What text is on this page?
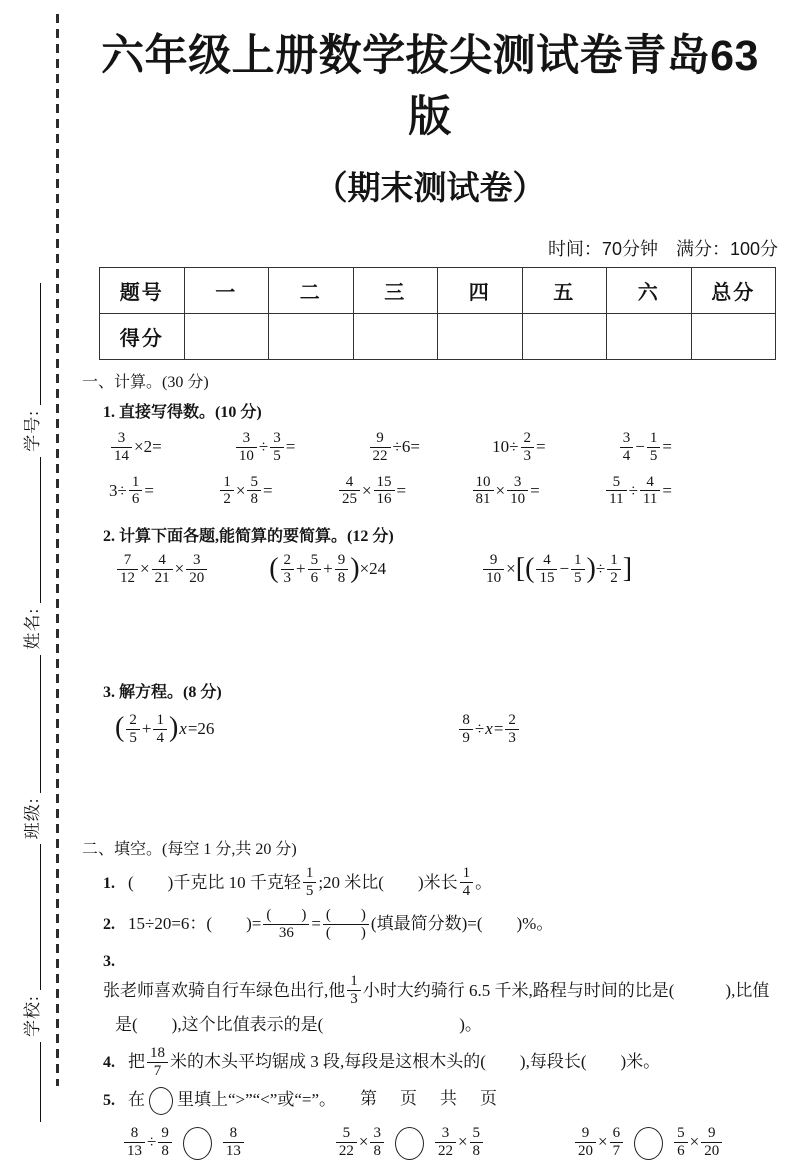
学校:
班级:
姓名:
学号:
六年级上册数学拔尖测试卷青岛63版
（期末测试卷）
时间：70分钟　满分：100分
题号	一	二	三	四	五	六	总分
得分							
一、计算。(30 分)
1. 直接写得数。(10 分)
$\frac{3}{14} \times 2=$	$\frac{3}{10} \div \frac{3}{5}$ =	$\frac{9}{22} \div 6=$	$10\div \frac{2}{3}$ =	$\frac{3}{4} - \frac{1}{5}$ =
$3\div \frac{1}{6}$ =	$\frac{1}{2} \times \frac{5}{8}$ =	$\frac{4}{25} \times \frac{15}{16}$ =	$\frac{10}{81} \times \frac{3}{10}$ =	$\frac{5}{11} \div \frac{4}{11}$ =
2. 计算下面各题,能简算的要简算。(12 分)
$\frac{7}{12} \times \frac{4}{21} \times \frac{3}{20}$ ( $\frac{2}{3} + \frac{5}{6} + \frac{9}{8} )\times 24$	$\frac{9}{10}$ ×[( $\frac{4}{15} - \frac{1}{5}$ )÷ $\frac{1}{2}$ ]
3. 解方程。(8 分)
( $\frac{2}{5} + \frac{1}{4} )x=26$	$\frac{8}{9} \div x= \frac{2}{3}$
二、填空。(每空 1 分,共 20 分)
1. (　　)千克比 10 千克轻 $\frac{1}{5}$ ;20 米比(　　)米长 $\frac{1}{4}$ 。
2. 15÷20=6：(　　)= $\frac{( )}{36} = \frac{( )}{( )}$ (填最简分数)=(　　)%。
3. 张老师喜欢骑自行车绿色出行,他 $\frac{1}{3}$ 小时大约骑行 6.5 千米,路程与时间的比是(　　　),比值
是(　　),这个比值表示的是(　　　　　　　　)。
4. 把 $\frac{18}{7}$ 米的木头平均锯成 3 段,每段是这根木头的(　　),每段长(　　)米。
5. 在 里填上“>”“<”或“=”。
$\frac{8}{13} \div \frac{9}{8}$	$\frac{8}{13}$	$\frac{5}{22} \times \frac{3}{8}$	$\frac{3}{22} \times \frac{5}{8}$	$\frac{9}{20} \times \frac{6}{7}$	$\frac{5}{6} \times \frac{9}{20}$
第　页　共　页
